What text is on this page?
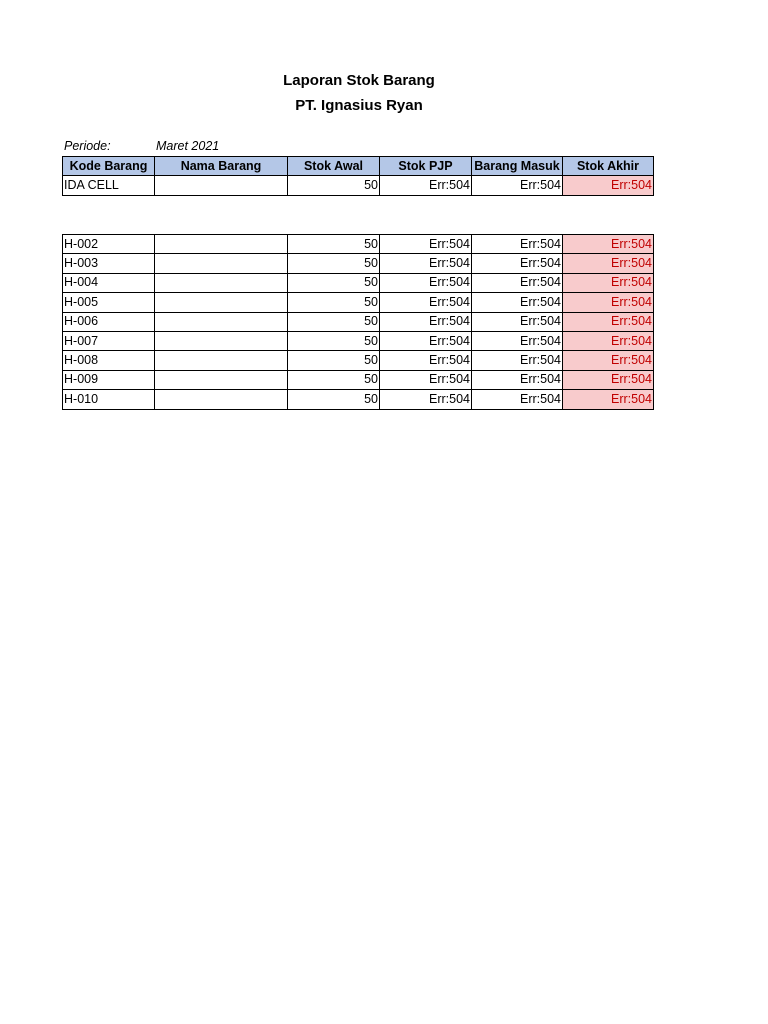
Laporan Stok Barang
PT. Ignasius Ryan
Periode:	Maret 2021
Kode Barang	Nama Barang	Stok Awal	Stok PJP	Barang Masuk	Stok Akhir
IDA CELL		50	Err:504	Err:504	Err:504
H-002		50	Err:504	Err:504	Err:504
H-003		50	Err:504	Err:504	Err:504
H-004		50	Err:504	Err:504	Err:504
H-005		50	Err:504	Err:504	Err:504
H-006		50	Err:504	Err:504	Err:504
H-007		50	Err:504	Err:504	Err:504
H-008		50	Err:504	Err:504	Err:504
H-009		50	Err:504	Err:504	Err:504
H-010		50	Err:504	Err:504	Err:504
